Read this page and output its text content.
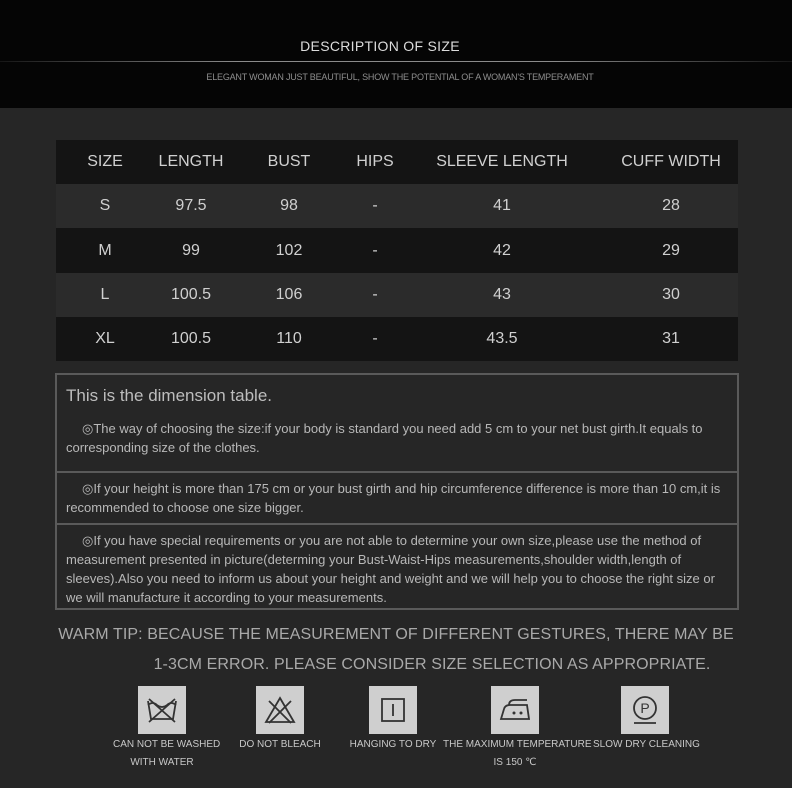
DESCRIPTION OF SIZE
ELEGANT WOMAN JUST BEAUTIFUL, SHOW THE POTENTIAL OF A WOMAN'S TEMPERAMENT
SIZE	LENGTH	BUST	HIPS	SLEEVE LENGTH	CUFF WIDTH
S	97.5	98	-	41	28
M	99	102	-	42	29
L	100.5	106	-	43	30
XL	100.5	110	-	43.5	31
This is the dimension table.
◎The way of choosing the size:if your body is standard you need add 5 cm to your net bust girth.It equals to corresponding size of the clothes.
◎If your height is more than 175 cm or your bust girth and hip circumference difference is more than 10 cm,it is recommended to choose one size bigger.
◎If you have special requirements or you are not able to determine your own size,please use the method of measurement presented in picture(determing your Bust-Waist-Hips measurements,shoulder width,length of sleeves).Also you need to inform us about your height and weight and we will help you to choose the right size or we will manufacture it according to your measurements.
WARM TIP: BECAUSE THE MEASUREMENT OF DIFFERENT GESTURES, THERE MAY BE
1-3CM ERROR. PLEASE CONSIDER SIZE SELECTION AS APPROPRIATE.
CAN NOT BE WASHED
WITH WATER
DO NOT BLEACH	HANGING TO DRY THE MAXIMUM TEMPERATURE
IS 150 ℃
P
SLOW DRY CLEANING
